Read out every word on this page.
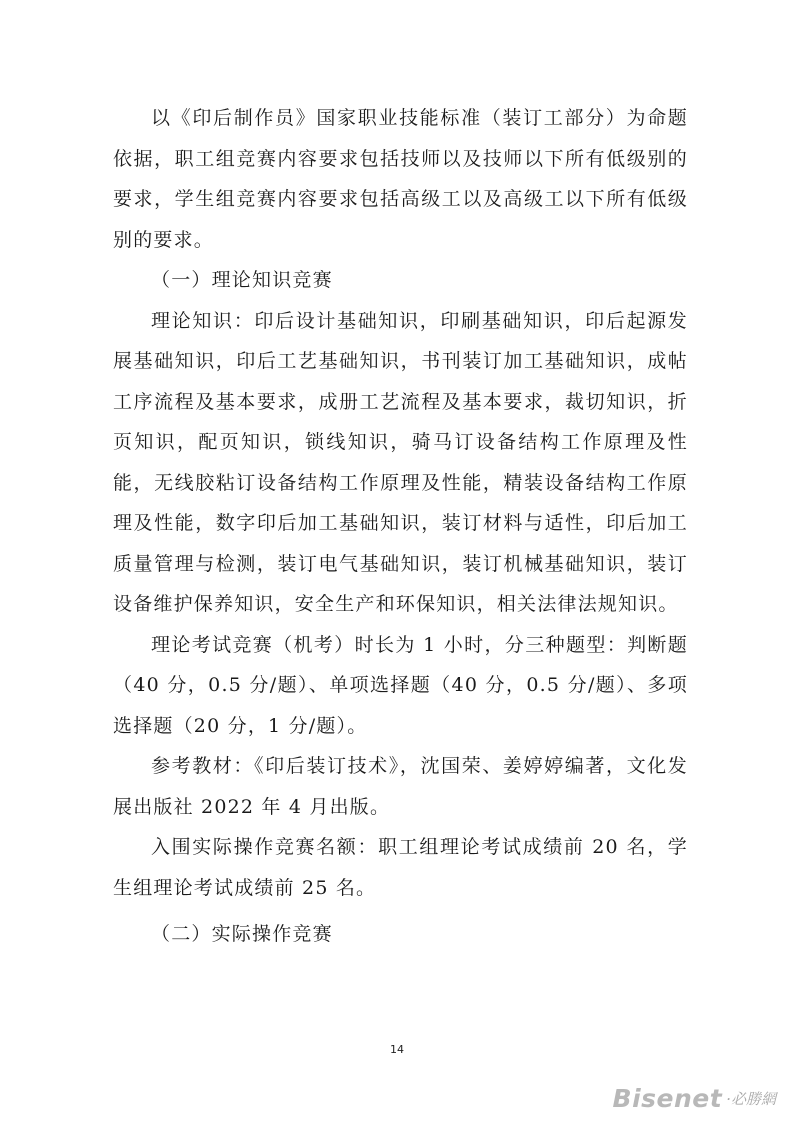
以《印后制作员》国家职业技能标准（装订工部分）为命题依据，职工组竞赛内容要求包括技师以及技师以下所有低级别的要求，学生组竞赛内容要求包括高级工以及高级工以下所有低级别的要求。

（一）理论知识竞赛

理论知识：印后设计基础知识，印刷基础知识，印后起源发展基础知识，印后工艺基础知识，书刊装订加工基础知识，成帖工序流程及基本要求，成册工艺流程及基本要求，裁切知识，折页知识，配页知识，锁线知识，骑马订设备结构工作原理及性能，无线胶粘订设备结构工作原理及性能，精装设备结构工作原理及性能，数字印后加工基础知识，装订材料与适性，印后加工质量管理与检测，装订电气基础知识，装订机械基础知识，装订设备维护保养知识，安全生产和环保知识，相关法律法规知识。

理论考试竞赛（机考）时长为 1 小时，分三种题型：判断题（40 分，0.5 分/题）、单项选择题（40 分，0.5 分/题）、多项选择题（20 分，1 分/题）。

参考教材：《印后装订技术》，沈国荣、姜婷婷编著，文化发展出版社 2022 年 4 月出版。

入围实际操作竞赛名额：职工组理论考试成绩前 20 名，学生组理论考试成绩前 25 名。

（二）实际操作竞赛

14
Bisenet ·必勝網
